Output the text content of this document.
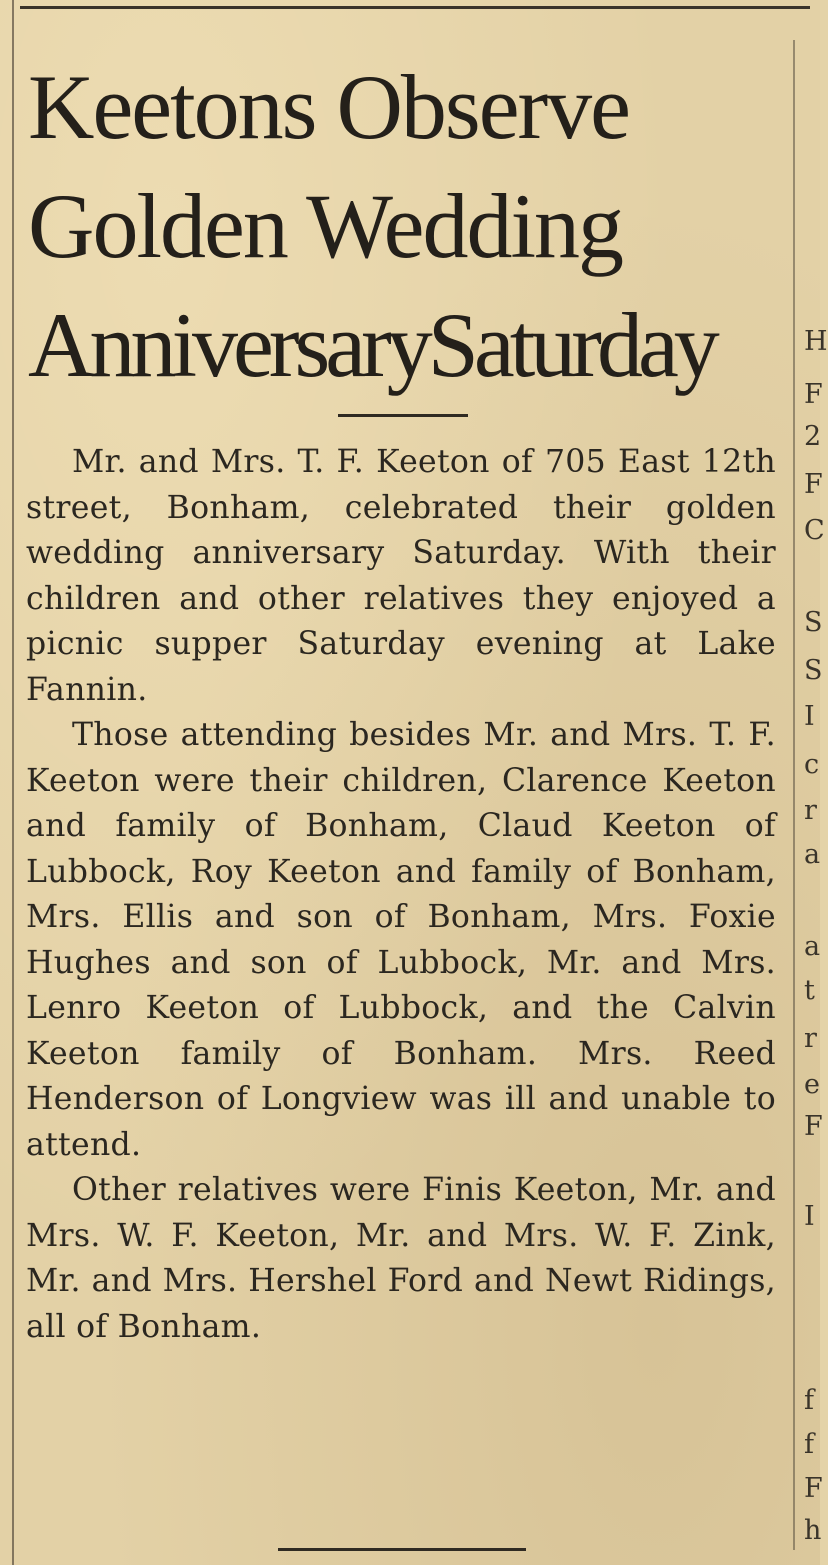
Keetons Observe
Golden Wedding
AnniversarySaturday

Mr. and Mrs. T. F. Keeton of 705 East 12th street, Bonham, celebrated their golden wedding anniversary Saturday. With their children and other relatives they enjoyed a picnic supper Saturday evening at Lake Fannin.

Those attending besides Mr. and Mrs. T. F. Keeton were their children, Clarence Keeton and family of Bonham, Claud Keeton of Lubbock, Roy Keeton and family of Bonham, Mrs. Ellis and son of Bonham, Mrs. Foxie Hughes and son of Lubbock, Mr. and Mrs. Lenro Keeton of Lubbock, and the Calvin Keeton family of Bonham. Mrs. Reed Henderson of Longview was ill and unable to attend.

Other relatives were Finis Keeton, Mr. and Mrs. W. F. Keeton, Mr. and Mrs. W. F. Zink, Mr. and Mrs. Hershel Ford and Newt Ridings, all of Bonham.

H
F
2
F
C
S
S
I
c
r
a
a
t
r
e
F
I
f
f
F
h
